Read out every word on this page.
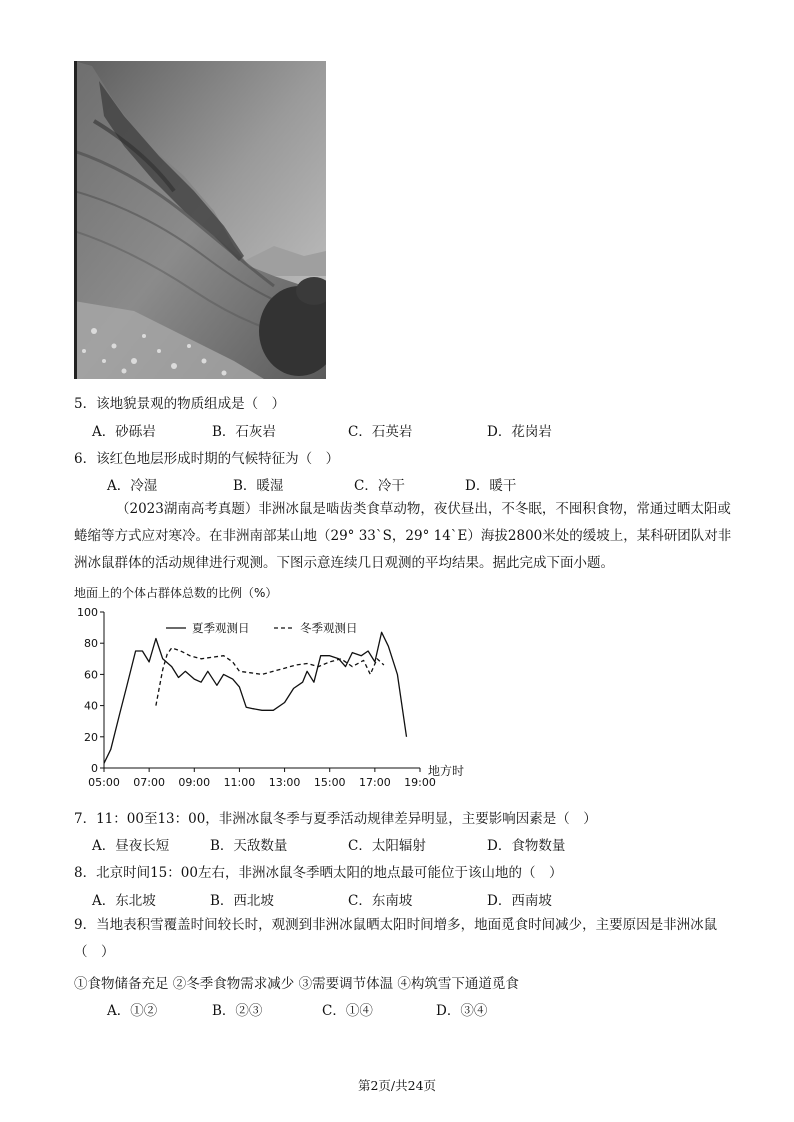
5．该地貌景观的物质组成是（　）
A．砂砾岩	B．石灰岩	C．石英岩	D．花岗岩
6．该红色地层形成时期的气候特征为（　）
A．冷湿	B．暖湿	C．冷干	D．暖干
（2023湖南高考真题）非洲冰鼠是啮齿类食草动物，夜伏昼出，不冬眠，不囤积食物，常通过晒太阳或蜷缩等方式应对寒冷。在非洲南部某山地（29° 33`S，29° 14`E）海拔2800米处的缓坡上，某科研团队对非洲冰鼠群体的活动规律进行观测。下图示意连续几日观测的平均结果。据此完成下面小题。
地面上的个体占群体总数的比例（%）
0
20
40
60
80
100
05:00 07:00 09:00 11:00 13:00 15:00 17:00 19:00
地方时
夏季观测日	冬季观测日
7．11：00至13：00，非洲冰鼠冬季与夏季活动规律差异明显，主要影响因素是（　）
A．昼夜长短	B．天敌数量	C．太阳辐射	D．食物数量
8．北京时间15：00左右，非洲冰鼠冬季晒太阳的地点最可能位于该山地的（　）
A．东北坡	B．西北坡	C．东南坡	D．西南坡
9．当地表积雪覆盖时间较长时，观测到非洲冰鼠晒太阳时间增多，地面觅食时间减少，主要原因是非洲冰鼠（　）
①食物储备充足 ②冬季食物需求减少 ③需要调节体温 ④构筑雪下通道觅食
A．①②	B．②③	C．①④	D．③④
第2页/共24页
